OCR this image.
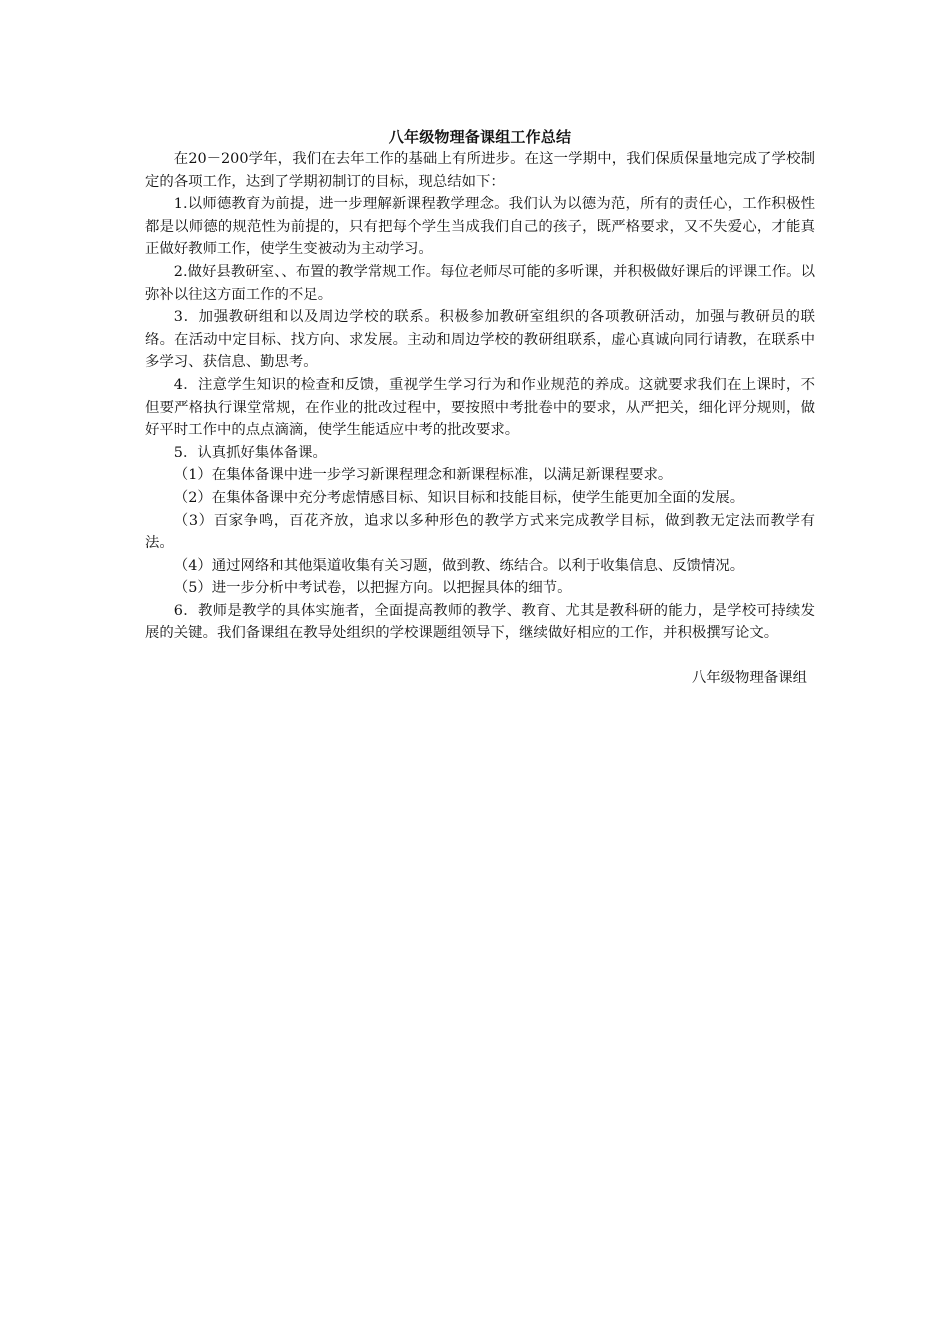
八年级物理备课组工作总结

在20－200学年，我们在去年工作的基础上有所进步。在这一学期中，我们保质保量地完成了学校制定的各项工作，达到了学期初制订的目标，现总结如下：

1.以师德教育为前提，进一步理解新课程教学理念。我们认为以德为范，所有的责任心，工作积极性都是以师德的规范性为前提的，只有把每个学生当成我们自己的孩子，既严格要求，又不失爱心，才能真正做好教师工作，使学生变被动为主动学习。

2.做好县教研室、、布置的教学常规工作。每位老师尽可能的多听课，并积极做好课后的评课工作。以弥补以往这方面工作的不足。

3．加强教研组和以及周边学校的联系。积极参加教研室组织的各项教研活动，加强与教研员的联络。在活动中定目标、找方向、求发展。主动和周边学校的教研组联系，虚心真诚向同行请教，在联系中多学习、获信息、勤思考。

4．注意学生知识的检查和反馈，重视学生学习行为和作业规范的养成。这就要求我们在上课时，不但要严格执行课堂常规，在作业的批改过程中，要按照中考批卷中的要求，从严把关，细化评分规则，做好平时工作中的点点滴滴，使学生能适应中考的批改要求。

5．认真抓好集体备课。

（1）在集体备课中进一步学习新课程理念和新课程标准，以满足新课程要求。

（2）在集体备课中充分考虑情感目标、知识目标和技能目标，使学生能更加全面的发展。

（3）百家争鸣，百花齐放，追求以多种形色的教学方式来完成教学目标，做到教无定法而教学有法。

（4）通过网络和其他渠道收集有关习题，做到教、练结合。以利于收集信息、反馈情况。

（5）进一步分析中考试卷，以把握方向。以把握具体的细节。

6．教师是教学的具体实施者，全面提高教师的教学、教育、尤其是教科研的能力，是学校可持续发展的关键。我们备课组在教导处组织的学校课题组领导下，继续做好相应的工作，并积极撰写论文。

八年级物理备课组
